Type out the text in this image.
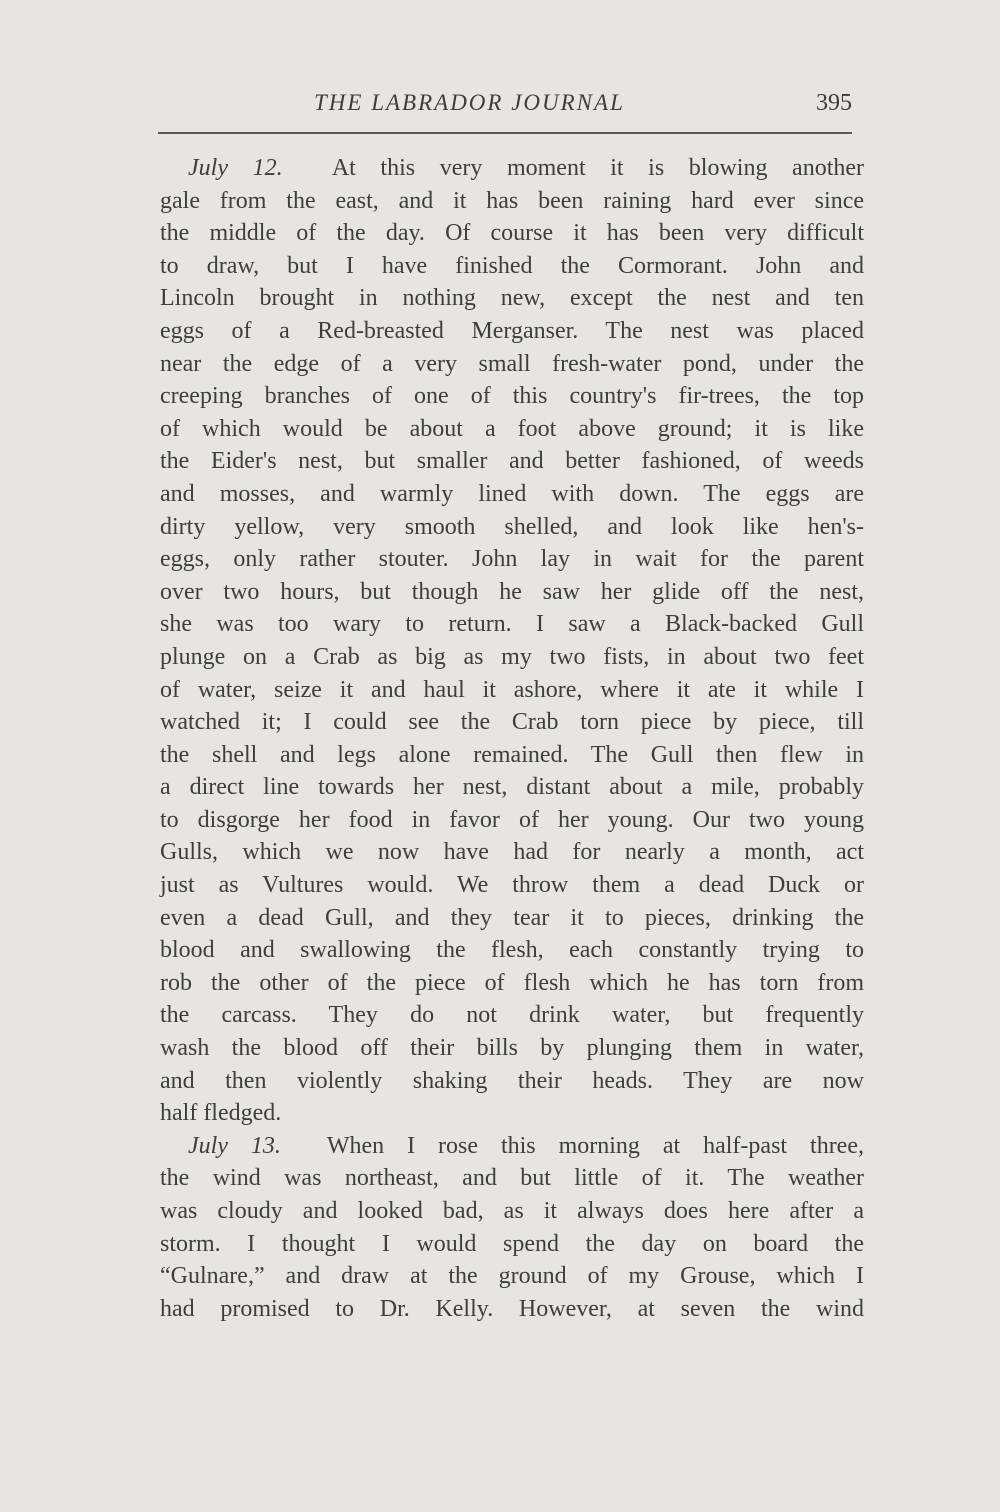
THE LABRADOR JOURNAL	395
July 12. At this very moment it is blowing another
gale from the east, and it has been raining hard ever since
the middle of the day. Of course it has been very difficult
to draw, but I have finished the Cormorant. John and
Lincoln brought in nothing new, except the nest and ten
eggs of a Red-breasted Merganser. The nest was placed
near the edge of a very small fresh-water pond, under the
creeping branches of one of this country's fir-trees, the top
of which would be about a foot above ground; it is like
the Eider's nest, but smaller and better fashioned, of weeds
and mosses, and warmly lined with down. The eggs are
dirty yellow, very smooth shelled, and look like hen's-
eggs, only rather stouter. John lay in wait for the parent
over two hours, but though he saw her glide off the nest,
she was too wary to return. I saw a Black-backed Gull
plunge on a Crab as big as my two fists, in about two feet
of water, seize it and haul it ashore, where it ate it while I
watched it; I could see the Crab torn piece by piece, till
the shell and legs alone remained. The Gull then flew in
a direct line towards her nest, distant about a mile, probably
to disgorge her food in favor of her young. Our two young
Gulls, which we now have had for nearly a month, act
just as Vultures would. We throw them a dead Duck or
even a dead Gull, and they tear it to pieces, drinking the
blood and swallowing the flesh, each constantly trying to
rob the other of the piece of flesh which he has torn from
the carcass. They do not drink water, but frequently
wash the blood off their bills by plunging them in water,
and then violently shaking their heads. They are now
half fledged.
July 13. When I rose this morning at half-past three,
the wind was northeast, and but little of it. The weather
was cloudy and looked bad, as it always does here after a
storm. I thought I would spend the day on board the
“Gulnare,” and draw at the ground of my Grouse, which I
had promised to Dr. Kelly. However, at seven the wind
